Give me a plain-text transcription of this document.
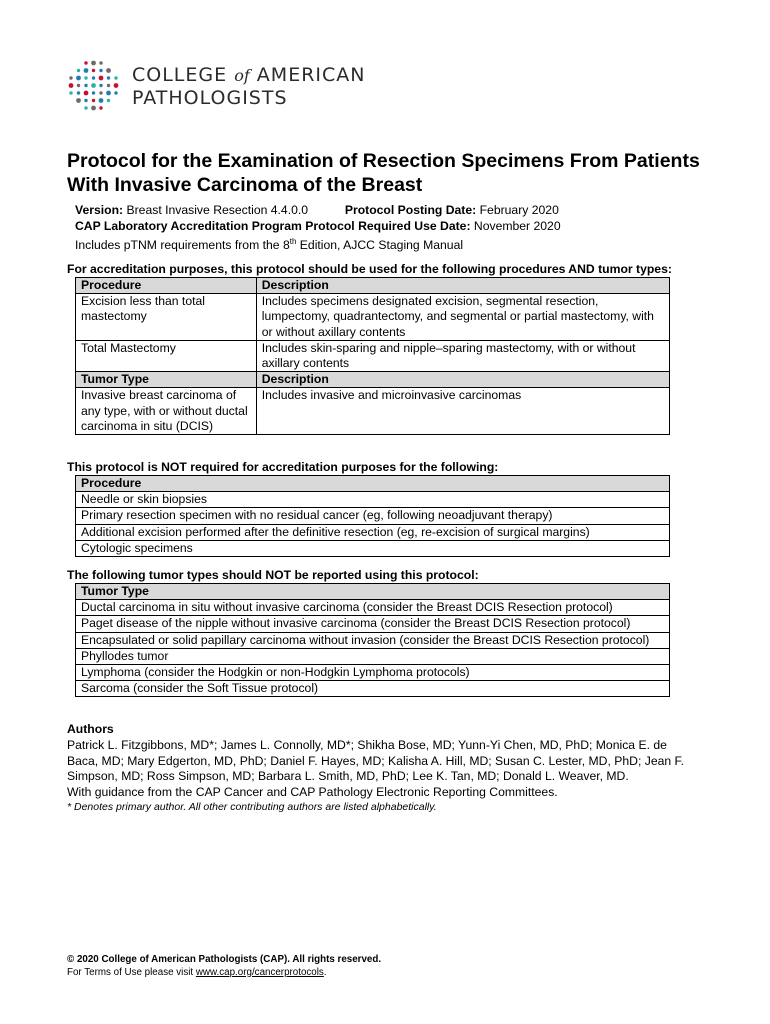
COLLEGE of AMERICAN
PATHOLOGISTS
Protocol for the Examination of Resection Specimens From Patients With Invasive Carcinoma of the Breast
Version: Breast Invasive Resection 4.4.0.0	Protocol Posting Date: February 2020
CAP Laboratory Accreditation Program Protocol Required Use Date: November 2020
Includes pTNM requirements from the 8th Edition, AJCC Staging Manual
For accreditation purposes, this protocol should be used for the following procedures AND tumor types:
Procedure	Description
Excision less than total mastectomy	Includes specimens designated excision, segmental resection, lumpectomy, quadrantectomy, and segmental or partial mastectomy, with or without axillary contents
Total Mastectomy	Includes skin-sparing and nipple–sparing mastectomy, with or without axillary contents
Tumor Type	Description
Invasive breast carcinoma of any type, with or without ductal carcinoma in situ (DCIS)	Includes invasive and microinvasive carcinomas
This protocol is NOT required for accreditation purposes for the following:
Procedure
Needle or skin biopsies
Primary resection specimen with no residual cancer (eg, following neoadjuvant therapy)
Additional excision performed after the definitive resection (eg, re-excision of surgical margins)
Cytologic specimens
The following tumor types should NOT be reported using this protocol:
Tumor Type
Ductal carcinoma in situ without invasive carcinoma (consider the Breast DCIS Resection protocol)
Paget disease of the nipple without invasive carcinoma (consider the Breast DCIS Resection protocol)
Encapsulated or solid papillary carcinoma without invasion (consider the Breast DCIS Resection protocol)
Phyllodes tumor
Lymphoma (consider the Hodgkin or non-Hodgkin Lymphoma protocols)
Sarcoma (consider the Soft Tissue protocol)
Authors
Patrick L. Fitzgibbons, MD*; James L. Connolly, MD*; Shikha Bose, MD; Yunn-Yi Chen, MD, PhD; Monica E. de Baca, MD; Mary Edgerton, MD, PhD; Daniel F. Hayes, MD; Kalisha A. Hill, MD; Susan C. Lester, MD, PhD; Jean F. Simpson, MD; Ross Simpson, MD; Barbara L. Smith, MD, PhD; Lee K. Tan, MD; Donald L. Weaver, MD.
With guidance from the CAP Cancer and CAP Pathology Electronic Reporting Committees.
* Denotes primary author. All other contributing authors are listed alphabetically.
© 2020 College of American Pathologists (CAP). All rights reserved.
For Terms of Use please visit www.cap.org/cancerprotocols.
